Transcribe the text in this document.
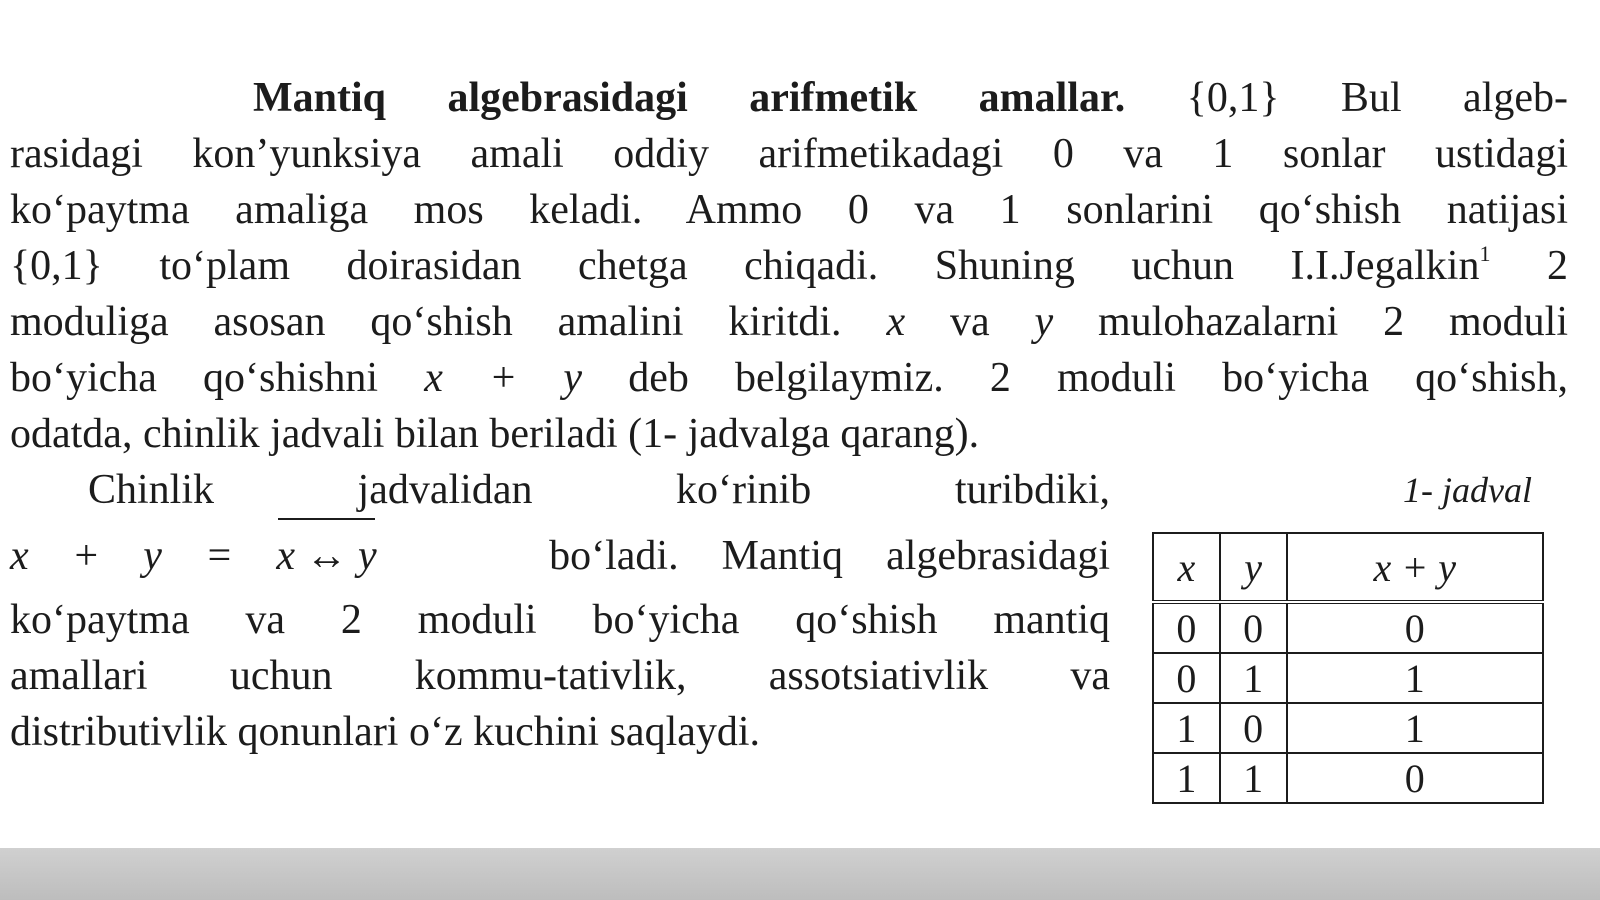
Mantiq algebrasidagi arifmetik amallar. {0,1} Bul algeb-
rasidagi kon’yunksiya amali oddiy arifmetikadagi 0 va 1 sonlar ustidagi
ko‘paytma amaliga mos keladi. Ammo 0 va 1 sonlarini qo‘shish natijasi
{0,1} to‘plam doirasidan chetga chiqadi. Shuning uchun I.I.Jegalkin$^1$ 2
moduliga asosan qo‘shish amalini kiritdi. x va y mulohazalarni 2 moduli
bo‘yicha qo‘shishni x + y deb belgilaymiz. 2 moduli bo‘yicha qo‘shish,
odatda, chinlik jadvali bilan beriladi (1- jadvalga qarang).
Chinlik jadvalidan ko‘rinib turibdiki,
x + y = x ↔ y	bo‘ladi. Mantiq algebrasidagi
ko‘paytma va 2 moduli bo‘yicha qo‘shish mantiq
amallari uchun kommu-tativlik, assotsiativlik va
distributivlik qonunlari o‘z kuchini saqlaydi.
1- jadval
x	y	x + y
0	0	0
0	1	1
1	0	1
1	1	0
